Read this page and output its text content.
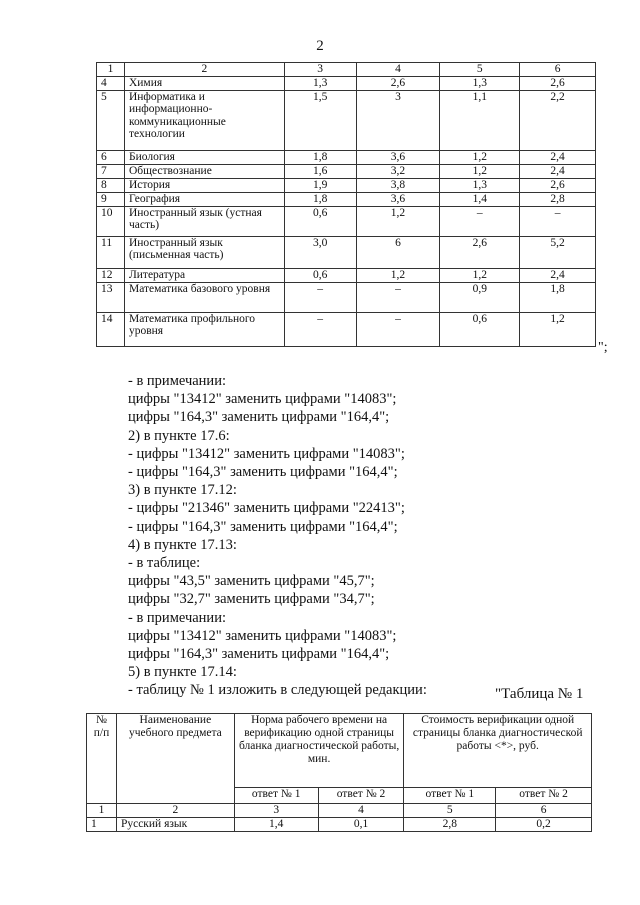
2
1	2	3	4	5	6
4	Химия	1,3	2,6	1,3	2,6
5	Информатика и информационно-коммуникационные технологии	1,5	3	1,1	2,2
6	Биология	1,8	3,6	1,2	2,4
7	Обществознание	1,6	3,2	1,2	2,4
8	История	1,9	3,8	1,3	2,6
9	География	1,8	3,6	1,4	2,8
10	Иностранный язык (устная часть)	0,6	1,2	–	–
11	Иностранный язык (письменная часть)	3,0	6	2,6	5,2
12	Литература	0,6	1,2	1,2	2,4
13	Математика базового уровня	–	–	0,9	1,8
14	Математика профильного уровня	–	–	0,6	1,2
";
- в примечании:
цифры "13412" заменить цифрами "14083";
цифры "164,3" заменить цифрами "164,4";
2) в пункте 17.6:
- цифры "13412" заменить цифрами "14083";
- цифры "164,3" заменить цифрами "164,4";
3) в пункте 17.12:
- цифры "21346" заменить цифрами "22413";
- цифры "164,3" заменить цифрами "164,4";
4) в пункте 17.13:
- в таблице:
цифры "43,5" заменить цифрами "45,7";
цифры "32,7" заменить цифрами "34,7";
- в примечании:
цифры "13412" заменить цифрами "14083";
цифры "164,3" заменить цифрами "164,4";
5) в пункте 17.14:
- таблицу № 1 изложить в следующей редакции:	"Таблица № 1
№ п/п	Наименование учебного предмета	Норма рабочего времени на верификацию одной страницы бланка диагностической работы, мин.		Стоимость верификации одной страницы бланка диагностической работы <*>, руб.	
		ответ № 1	ответ № 2	ответ № 1	ответ № 2
1	2	3	4	5	6
1	Русский язык	1,4	0,1	2,8	0,2
